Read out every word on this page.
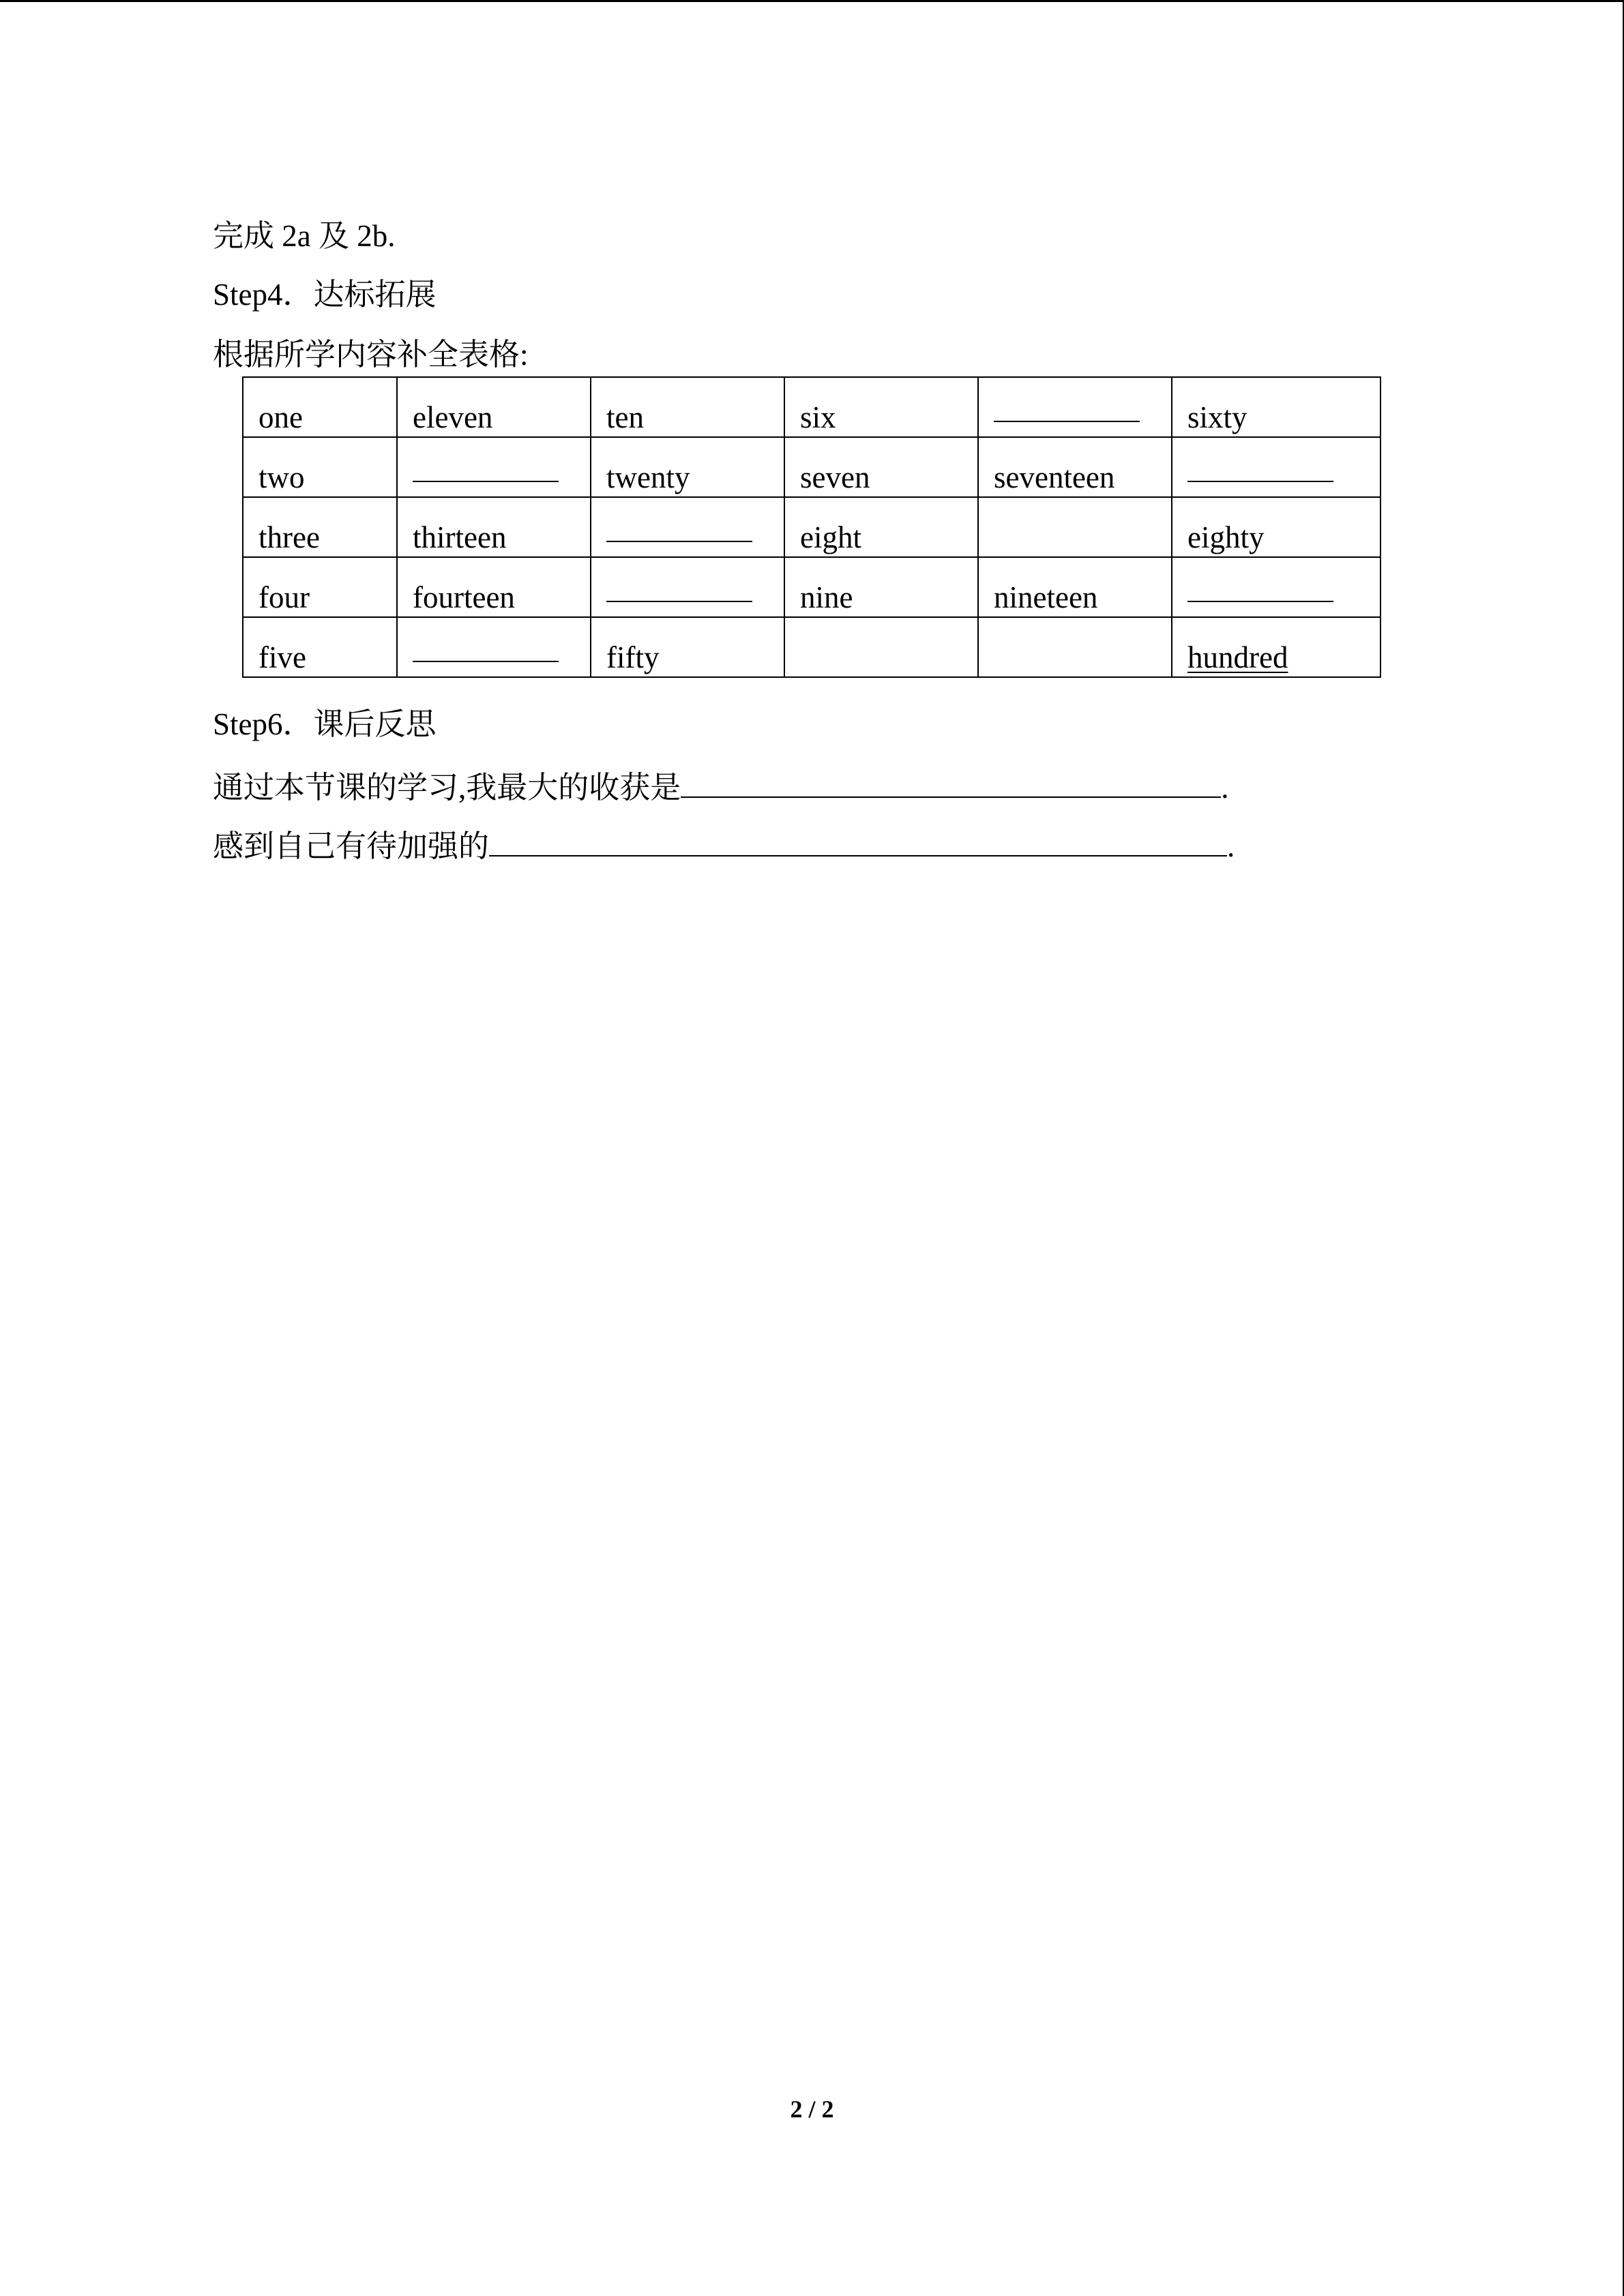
完成 2a 及 2b.
Step4．达标拓展
根据所学内容补全表格:
one	eleven	ten	six		sixty
two		twenty	seven	seventeen	
three	thirteen		eight		eighty
four	fourteen		nine	nineteen	
five		fifty			hundred
Step6．课后反思
通过本节课的学习,我最大的收获是	.
感到自己有待加强的	.
2 / 2
